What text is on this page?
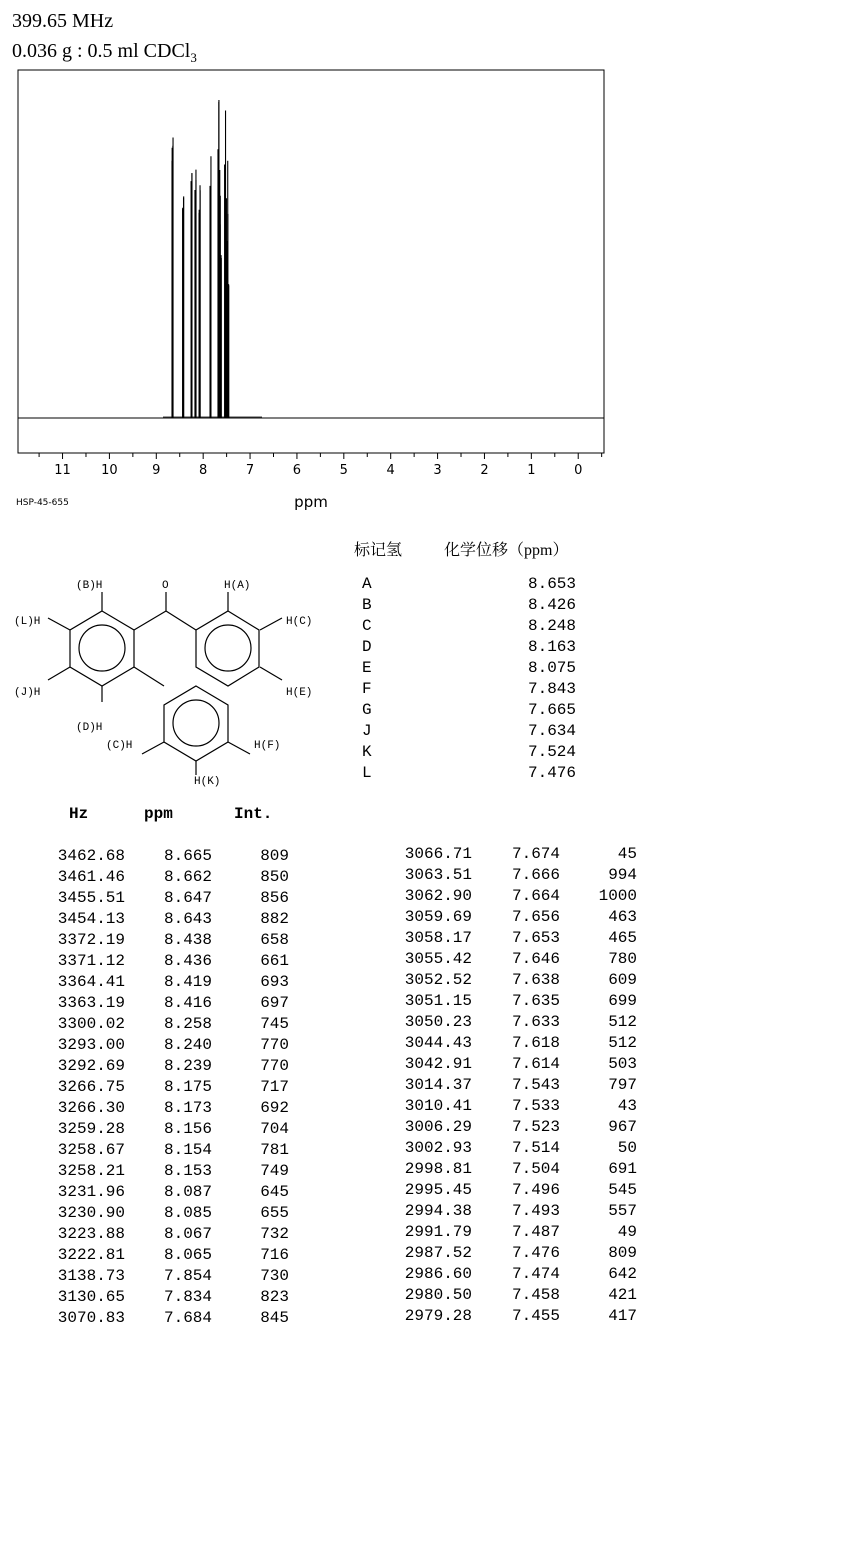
399.65 MHz
0.036 g : 0.5 ml CDCl$_3$
11 10	9	8	7	6	5	4	3	2	1	0
ppm
HSP-45-655
(B)H	O	H(A)
(L)H	H(C)
(J)H	H(E)
(D)H
(C)H	H(F)
H(K)
标记氢	化学位移（ppm）
A	8.653
B	8.426
C	8.248
D	8.163
E	8.075
F	7.843
G	7.665
J	7.634
K	7.524
L	7.476
Hz	ppm	Int.
3462.68 8.665	809
3461.46 8.662	850
3455.51 8.647	856
3454.13 8.643	882
3372.19 8.438	658
3371.12 8.436	661
3364.41 8.419	693
3363.19 8.416	697
3300.02 8.258	745
3293.00 8.240	770
3292.69 8.239	770
3266.75 8.175	717
3266.30 8.173	692
3259.28 8.156	704
3258.67 8.154	781
3258.21 8.153	749
3231.96 8.087	645
3230.90 8.085	655
3223.88 8.067	732
3222.81 8.065	716
3138.73 7.854	730
3130.65 7.834	823
3070.83 7.684	845
3066.71 7.674	45
3063.51 7.666	994
3062.90 7.664 1000
3059.69 7.656	463
3058.17 7.653	465
3055.42 7.646	780
3052.52 7.638	609
3051.15 7.635	699
3050.23 7.633	512
3044.43 7.618	512
3042.91 7.614	503
3014.37 7.543	797
3010.41 7.533	43
3006.29 7.523	967
3002.93 7.514	50
2998.81 7.504	691
2995.45 7.496	545
2994.38 7.493	557
2991.79 7.487	49
2987.52 7.476	809
2986.60 7.474	642
2980.50 7.458	421
2979.28 7.455	417
